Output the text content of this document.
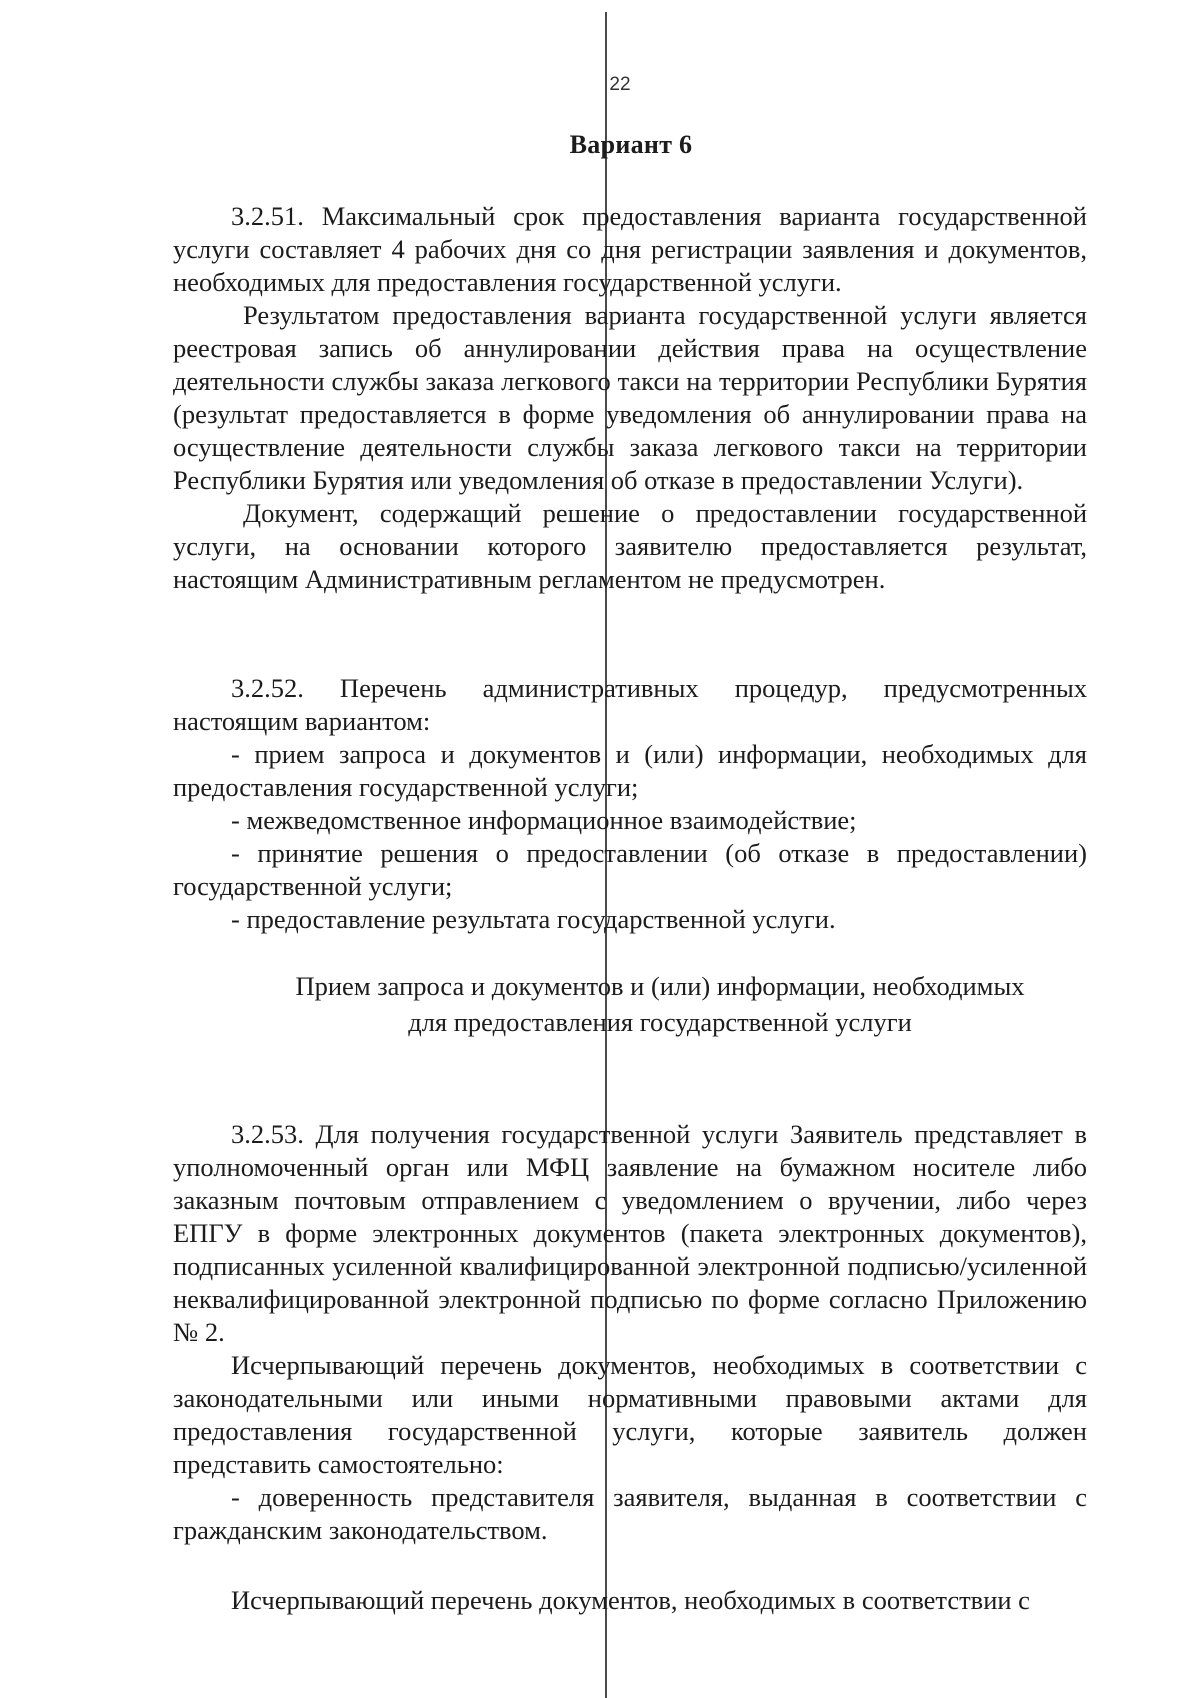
22
Вариант 6

3.2.51. Максимальный срок предоставления варианта государственной услуги составляет 4 рабочих дня со дня регистрации заявления и документов, необходимых для предоставления государственной услуги.

Результатом предоставления варианта государственной услуги является реестровая запись об аннулировании действия права на осуществление деятельности службы заказа легкового такси на территории Республики Бурятия (результат предоставляется в форме уведомления об аннулировании права на осуществление деятельности службы заказа легкового такси на территории Республики Бурятия или уведомления об отказе в предоставлении Услуги).

Документ, содержащий решение о предоставлении государственной услуги, на основании которого заявителю предоставляется результат, настоящим Административным регламентом не предусмотрен.

3.2.52. Перечень административных процедур, предусмотренных настоящим вариантом:

- прием запроса и документов и (или) информации, необходимых для предоставления государственной услуги;

- межведомственное информационное взаимодействие;

- принятие решения о предоставлении (об отказе в предоставлении) государственной услуги;

- предоставление результата государственной услуги.

Прием запроса и документов и (или) информации, необходимых
для предоставления государственной услуги

3.2.53. Для получения государственной услуги Заявитель представляет в уполномоченный орган или МФЦ заявление на бумажном носителе либо заказным почтовым отправлением с уведомлением о вручении, либо через ЕПГУ в форме электронных документов (пакета электронных документов), подписанных усиленной квалифицированной электронной подписью/усиленной неквалифицированной электронной подписью по форме согласно Приложению № 2.

Исчерпывающий перечень документов, необходимых в соответствии с законодательными или иными нормативными правовыми актами для предоставления государственной услуги, которые заявитель должен представить самостоятельно:

- доверенность представителя заявителя, выданная в соответствии с гражданским законодательством.

Исчерпывающий перечень документов, необходимых в соответствии с
